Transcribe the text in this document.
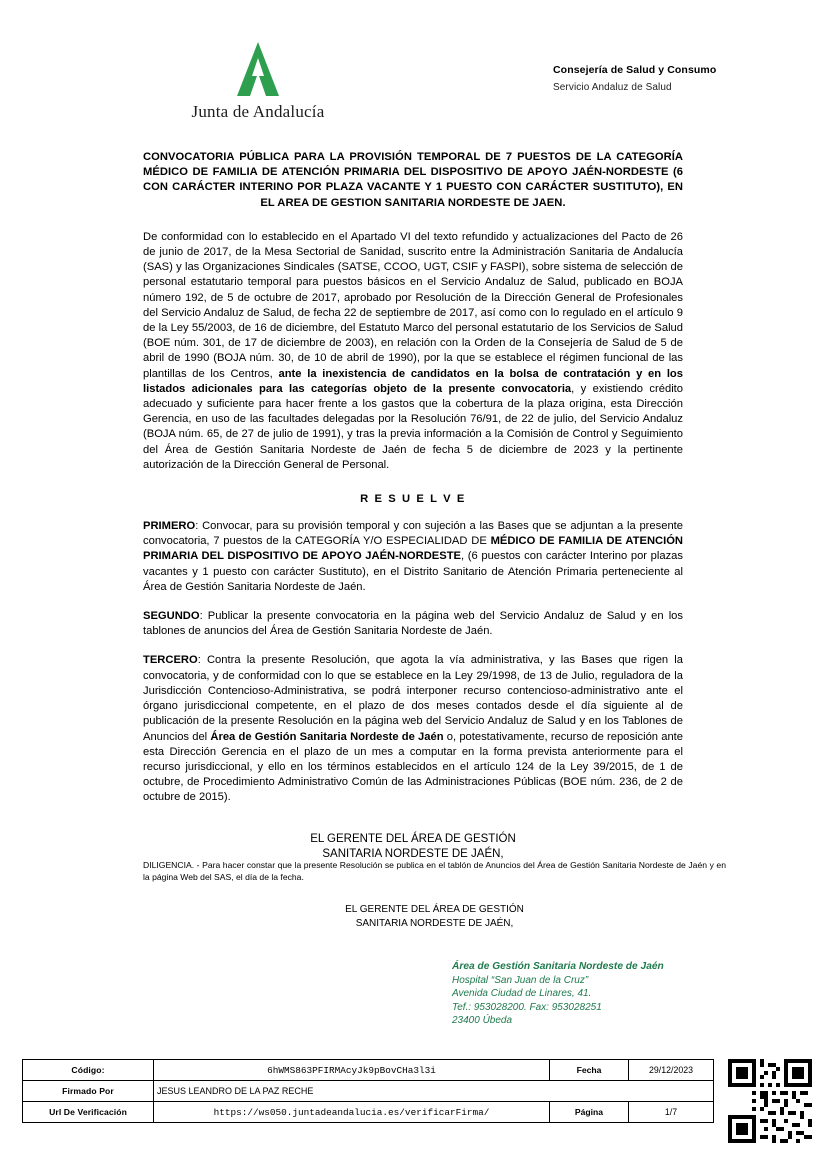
Junta de Andalucía
Consejería de Salud y Consumo
Servicio Andaluz de Salud
CONVOCATORIA PÚBLICA PARA LA PROVISIÓN TEMPORAL DE 7 PUESTOS DE LA CATEGORÍA MÉDICO DE FAMILIA DE ATENCIÓN PRIMARIA DEL DISPOSITIVO DE APOYO JAÉN-NORDESTE (6 CON CARÁCTER INTERINO POR PLAZA VACANTE Y 1 PUESTO CON CARÁCTER SUSTITUTO), EN EL AREA DE GESTION SANITARIA NORDESTE DE JAEN.

De conformidad con lo establecido en el Apartado VI del texto refundido y actualizaciones del Pacto de 26 de junio de 2017, de la Mesa Sectorial de Sanidad, suscrito entre la Administración Sanitaria de Andalucía (SAS) y las Organizaciones Sindicales (SATSE, CCOO, UGT, CSIF y FASPI), sobre sistema de selección de personal estatutario temporal para puestos básicos en el Servicio Andaluz de Salud, publicado en BOJA número 192, de 5 de octubre de 2017, aprobado por Resolución de la Dirección General de Profesionales del Servicio Andaluz de Salud, de fecha 22 de septiembre de 2017, así como con lo regulado en el artículo 9 de la Ley 55/2003, de 16 de diciembre, del Estatuto Marco del personal estatutario de los Servicios de Salud (BOE núm. 301, de 17 de diciembre de 2003), en relación con la Orden de la Consejería de Salud de 5 de abril de 1990 (BOJA núm. 30, de 10 de abril de 1990), por la que se establece el régimen funcional de las plantillas de los Centros, ante la inexistencia de candidatos en la bolsa de contratación y en los listados adicionales para las categorías objeto de la presente convocatoria, y existiendo crédito adecuado y suficiente para hacer frente a los gastos que la cobertura de la plaza origina, esta Dirección Gerencia, en uso de las facultades delegadas por la Resolución 76/91, de 22 de julio, del Servicio Andaluz (BOJA núm. 65, de 27 de julio de 1991), y tras la previa información a la Comisión de Control y Seguimiento del Área de Gestión Sanitaria Nordeste de Jaén de fecha 5 de diciembre de 2023 y la pertinente autorización de la Dirección General de Personal.

R E S U E L V E

PRIMERO: Convocar, para su provisión temporal y con sujeción a las Bases que se adjuntan a la presente convocatoria, 7 puestos de la CATEGORÍA Y/O ESPECIALIDAD DE MÉDICO DE FAMILIA DE ATENCIÓN PRIMARIA DEL DISPOSITIVO DE APOYO JAÉN-NORDESTE, (6 puestos con carácter Interino por plazas vacantes y 1 puesto con carácter Sustituto), en el Distrito Sanitario de Atención Primaria perteneciente al Área de Gestión Sanitaria Nordeste de Jaén.

SEGUNDO: Publicar la presente convocatoria en la página web del Servicio Andaluz de Salud y en los tablones de anuncios del Área de Gestión Sanitaria Nordeste de Jaén.

TERCERO: Contra la presente Resolución, que agota la vía administrativa, y las Bases que rigen la convocatoria, y de conformidad con lo que se establece en la Ley 29/1998, de 13 de Julio, reguladora de la Jurisdicción Contencioso-Administrativa, se podrá interponer recurso contencioso-administrativo ante el órgano jurisdiccional competente, en el plazo de dos meses contados desde el día siguiente al de publicación de la presente Resolución en la página web del Servicio Andaluz de Salud y en los Tablones de Anuncios del Área de Gestión Sanitaria Nordeste de Jaén o, potestativamente, recurso de reposición ante esta Dirección Gerencia en el plazo de un mes a computar en la forma prevista anteriormente para el recurso jurisdiccional, y ello en los términos establecidos en el artículo 124 de la Ley 39/2015, de 1 de octubre, de Procedimiento Administrativo Común de las Administraciones Públicas (BOE núm. 236, de 2 de octubre de 2015).

EL GERENTE DEL ÁREA DE GESTIÓN
SANITARIA NORDESTE DE JAÉN,

DILIGENCIA. - Para hacer constar que la presente Resolución se publica en el tablón de Anuncios del Área de Gestión Sanitaria Nordeste de Jaén y en la página Web del SAS, el día de la fecha.

EL GERENTE DEL ÁREA DE GESTIÓN
SANITARIA NORDESTE DE JAÉN,
Área de Gestión Sanitaria Nordeste de Jaén
Hospital “San Juan de la Cruz”
Avenida Ciudad de Linares, 41.
Tef.: 953028200. Fax: 953028251
23400 Úbeda
Código:	6hWMS863PFIRMAcyJk9pBovCHa3l3i	Fecha	29/12/2023
Firmado Por	JESUS LEANDRO DE LA PAZ RECHE		
Url De Verificación	https://ws050.juntadeandalucia.es/verificarFirma/	Página	1/7
